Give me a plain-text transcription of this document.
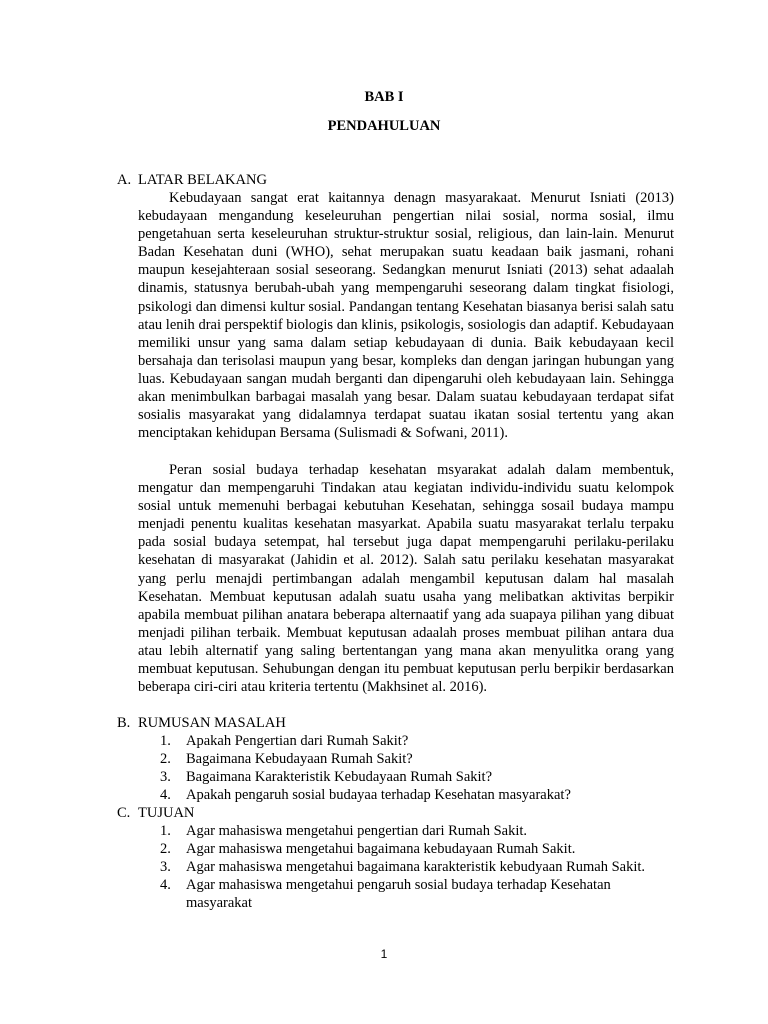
BAB I
PENDAHULUAN
A. LATAR BELAKANG

Kebudayaan sangat erat kaitannya denagn masyarakaat. Menurut Isniati (2013) kebudayaan mengandung keseleuruhan pengertian nilai sosial, norma sosial, ilmu pengetahuan serta keseleuruhan struktur-struktur sosial, religious, dan lain-lain. Menurut Badan Kesehatan duni (WHO), sehat merupakan suatu keadaan baik jasmani, rohani maupun kesejahteraan sosial seseorang. Sedangkan menurut Isniati (2013) sehat adaalah dinamis, statusnya berubah-ubah yang mempengaruhi seseorang dalam tingkat fisiologi, psikologi dan dimensi kultur sosial. Pandangan tentang Kesehatan biasanya berisi salah satu atau lenih drai perspektif biologis dan klinis, psikologis, sosiologis dan adaptif. Kebudayaan memiliki unsur yang sama dalam setiap kebudayaan di dunia. Baik kebudayaan kecil bersahaja dan terisolasi maupun yang besar, kompleks dan dengan jaringan hubungan yang luas. Kebudayaan sangan mudah berganti dan dipengaruhi oleh kebudayaan lain. Sehingga akan menimbulkan barbagai masalah yang besar. Dalam suatau kebudayaan terdapat sifat sosialis masyarakat yang didalamnya terdapat suatau ikatan sosial tertentu yang akan menciptakan kehidupan Bersama (Sulismadi & Sofwani, 2011).

Peran sosial budaya terhadap kesehatan msyarakat adalah dalam membentuk, mengatur dan mempengaruhi Tindakan atau kegiatan individu-individu suatu kelompok sosial untuk memenuhi berbagai kebutuhan Kesehatan, sehingga sosail budaya mampu menjadi penentu kualitas kesehatan masyarkat. Apabila suatu masyarakat terlalu terpaku pada sosial budaya setempat, hal tersebut juga dapat mempengaruhi perilaku-perilaku kesehatan di masyarakat (Jahidin et al. 2012). Salah satu perilaku kesehatan masyarakat yang perlu menajdi pertimbangan adalah mengambil keputusan dalam hal masalah Kesehatan. Membuat keputusan adalah suatu usaha yang melibatkan aktivitas berpikir apabila membuat pilihan anatara beberapa alternaatif yang ada suapaya pilihan yang dibuat menjadi pilihan terbaik. Membuat keputusan adaalah proses membuat pilihan antara dua atau lebih alternatif yang saling bertentangan yang mana akan menyulitka orang yang membuat keputusan. Sehubungan dengan itu pembuat keputusan perlu berpikir berdasarkan beberapa ciri-ciri atau kriteria tertentu (Makhsinet al. 2016).

B. RUMUSAN MASALAH
1. Apakah Pengertian dari Rumah Sakit?
2. Bagaimana Kebudayaan Rumah Sakit?
3. Bagaimana Karakteristik Kebudayaan Rumah Sakit?
4. Apakah pengaruh sosial budayaa terhadap Kesehatan masyarakat?
C. TUJUAN
1. Agar mahasiswa mengetahui pengertian dari Rumah Sakit.
2. Agar mahasiswa mengetahui bagaimana kebudayaan Rumah Sakit.
3. Agar mahasiswa mengetahui bagaimana karakteristik kebudyaan Rumah Sakit.
4. Agar mahasiswa mengetahui pengaruh sosial budaya terhadap Kesehatan masyarakat
1
